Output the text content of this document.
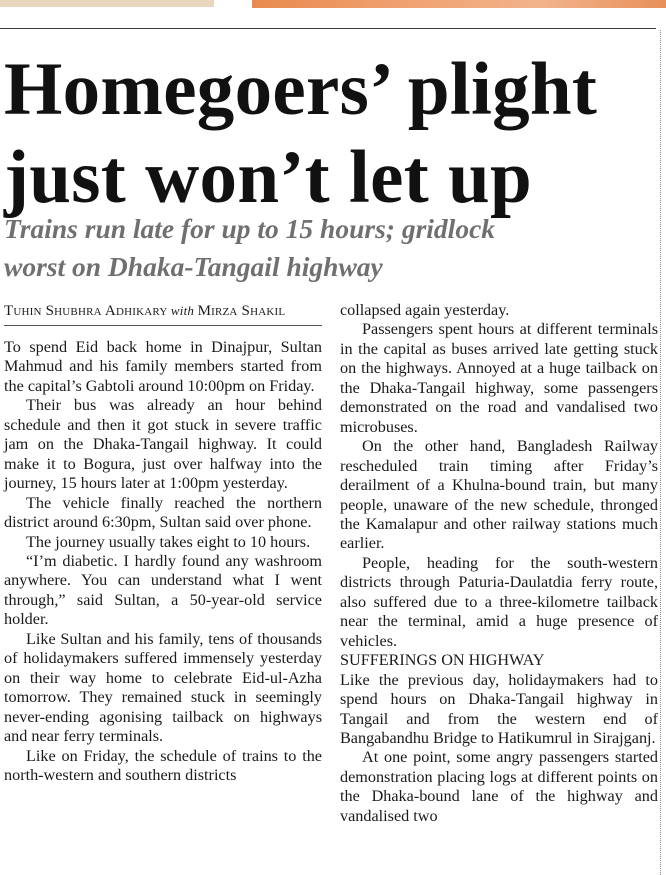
Homegoers’ plight
just won’t let up
Trains run late for up to 15 hours; gridlock
worst on Dhaka-Tangail highway
Tuhin Shubhra Adhikary with Mirza Shakil

To spend Eid back home in Dinajpur, Sultan Mahmud and his family members started from the capital’s Gabtoli around 10:00pm on Friday.

Their bus was already an hour behind schedule and then it got stuck in severe traffic jam on the Dhaka-Tangail highway. It could make it to Bogura, just over halfway into the journey, 15 hours later at 1:00pm yesterday.

The vehicle finally reached the northern district around 6:30pm, Sultan said over phone.

The journey usually takes eight to 10 hours.

“I’m diabetic. I hardly found any washroom anywhere. You can understand what I went through,” said Sultan, a 50-year-old service holder.

Like Sultan and his family, tens of thousands of holidaymakers suffered immensely yesterday on their way home to celebrate Eid-ul-Azha tomorrow. They remained stuck in seemingly never-ending agonising tailback on highways and near ferry terminals.

Like on Friday, the schedule of trains to the north-western and southern districts

collapsed again yesterday.

Passengers spent hours at different terminals in the capital as buses arrived late getting stuck on the highways. Annoyed at a huge tailback on the Dhaka-Tangail highway, some passengers demonstrated on the road and vandalised two microbuses.

On the other hand, Bangladesh Railway rescheduled train timing after Friday’s derailment of a Khulna-bound train, but many people, unaware of the new schedule, thronged the Kamalapur and other railway stations much earlier.

People, heading for the south-western districts through Paturia-Daulatdia ferry route, also suffered due to a three-kilometre tailback near the terminal, amid a huge presence of vehicles.

SUFFERINGS ON HIGHWAY

Like the previous day, holidaymakers had to spend hours on Dhaka-Tangail highway in Tangail and from the western end of Bangabandhu Bridge to Hatikumrul in Sirajganj.

At one point, some angry passengers started demonstration placing logs at different points on the Dhaka-bound lane of the highway and vandalised two
